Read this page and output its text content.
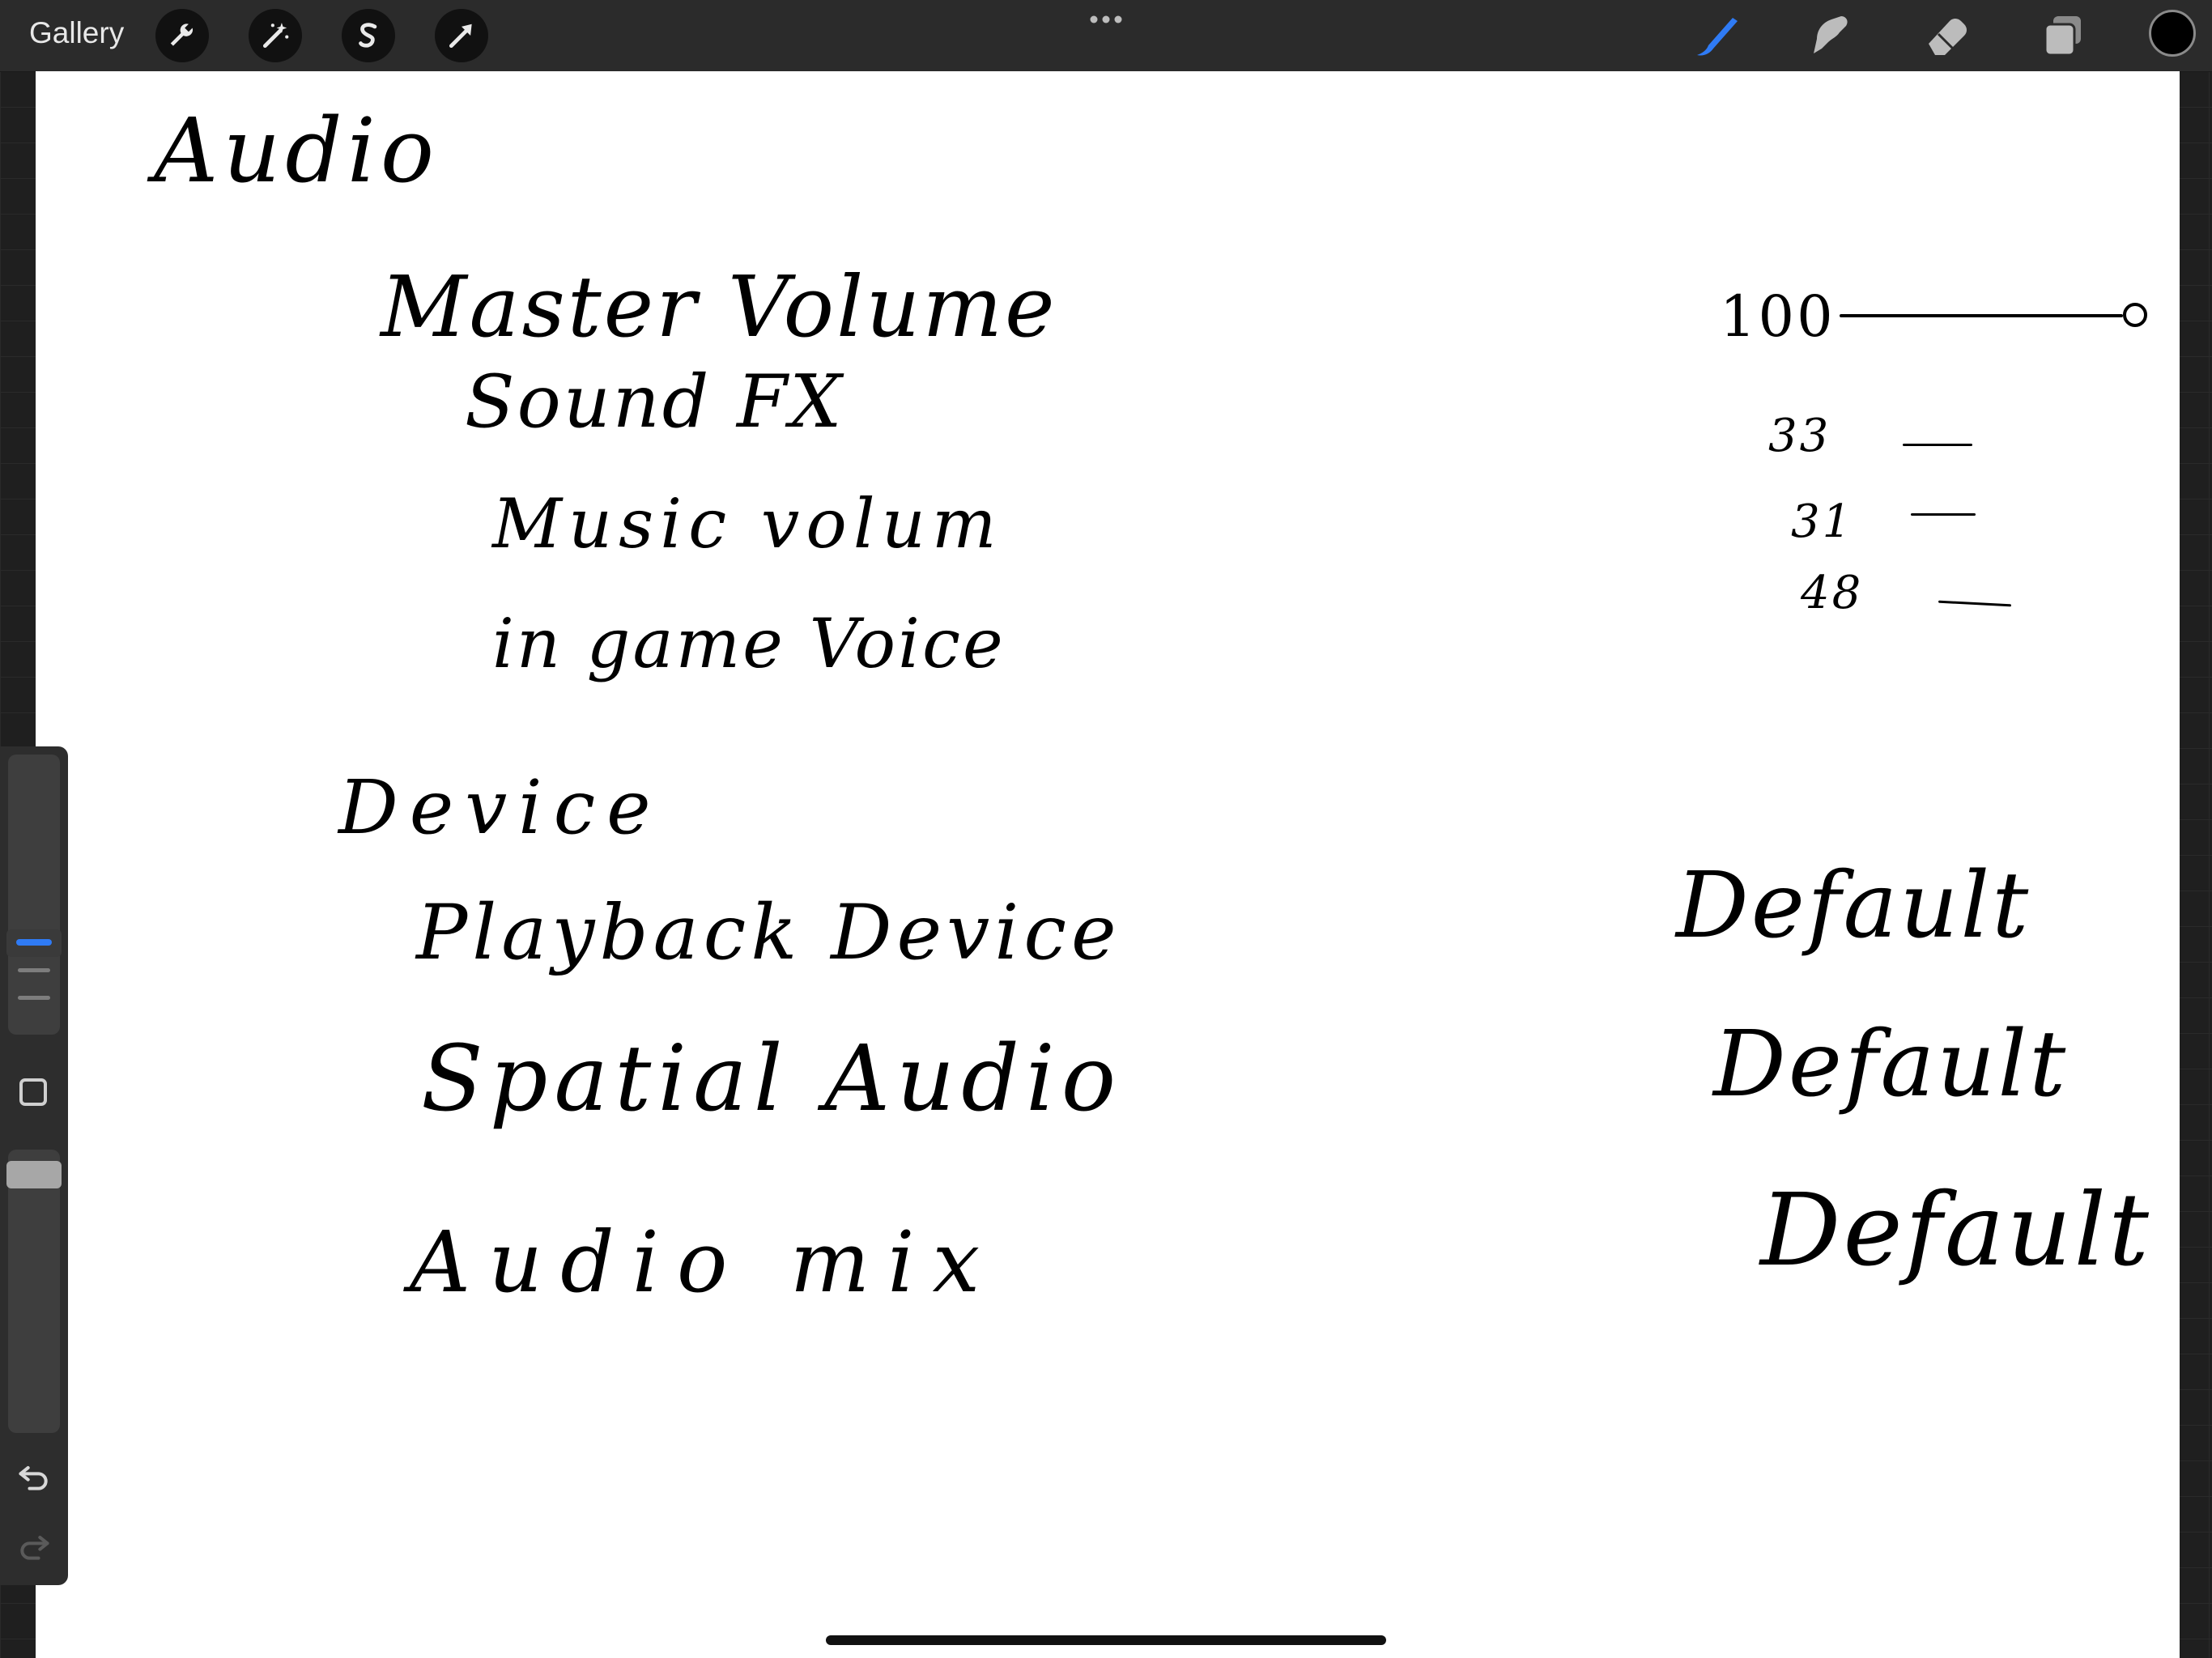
Gallery
Audio
Master Volume
Sound FX
Music volum
in game Voice
100
33
31
48
Device
Playback Device
Spatial Audio
Audio mix
Default
Default
Default
